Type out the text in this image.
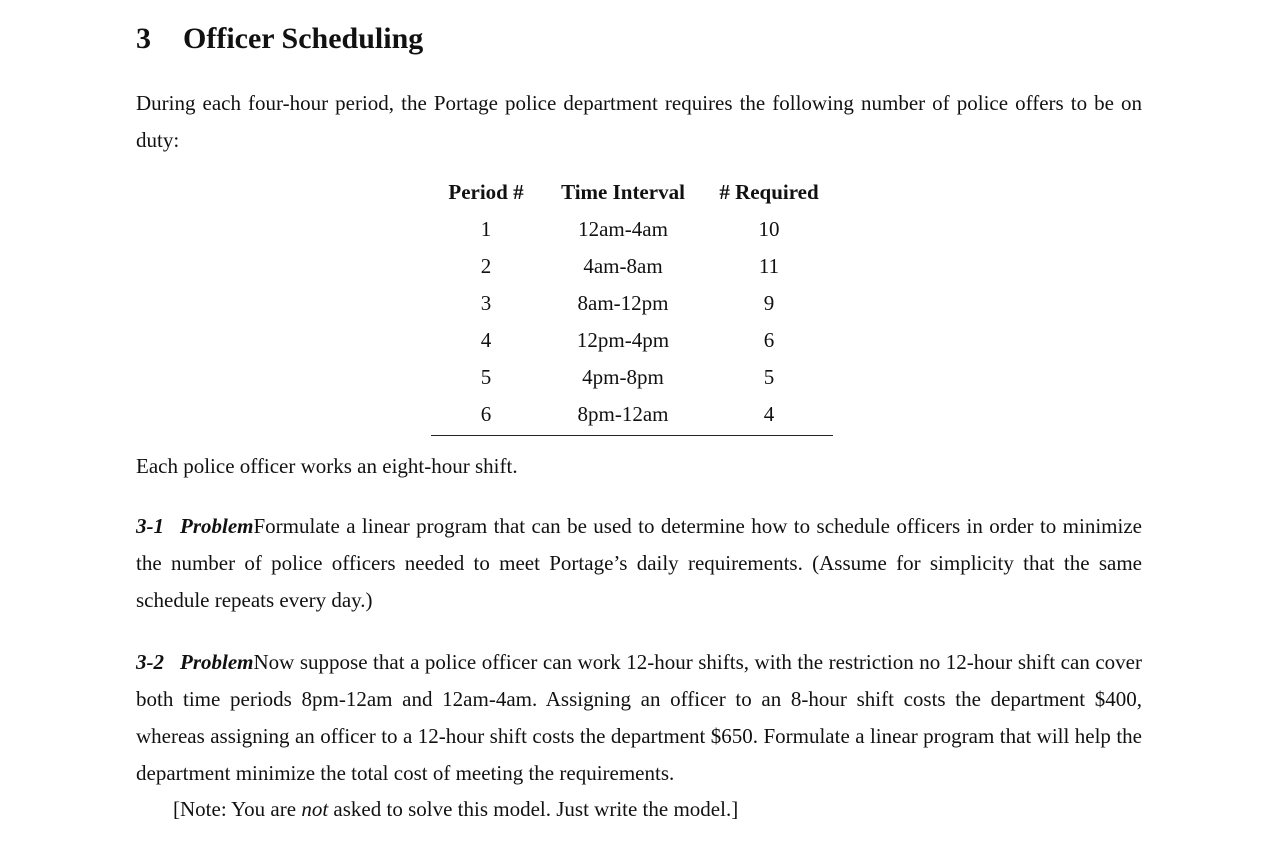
3 Officer Scheduling
During each four-hour period, the Portage police department requires the following number of police offers to be on duty:
Period #	Time Interval	# Required
1	12am-4am	10
2	4am-8am	11
3	8am-12pm	9
4	12pm-4pm	6
5	4pm-8pm	5
6	8pm-12am	4
Each police officer works an eight-hour shift.
3-1 ProblemFormulate a linear program that can be used to determine how to schedule officers in order to minimize the number of police officers needed to meet Portage’s daily requirements. (Assume for simplicity that the same schedule repeats every day.)
3-2 ProblemNow suppose that a police officer can work 12-hour shifts, with the restriction no 12-hour shift can cover both time periods 8pm-12am and 12am-4am. Assigning an officer to an 8-hour shift costs the department $400, whereas assigning an officer to a 12-hour shift costs the department $650. Formulate a linear program that will help the department minimize the total cost of meeting the requirements.
[Note: You are not asked to solve this model. Just write the model.]
